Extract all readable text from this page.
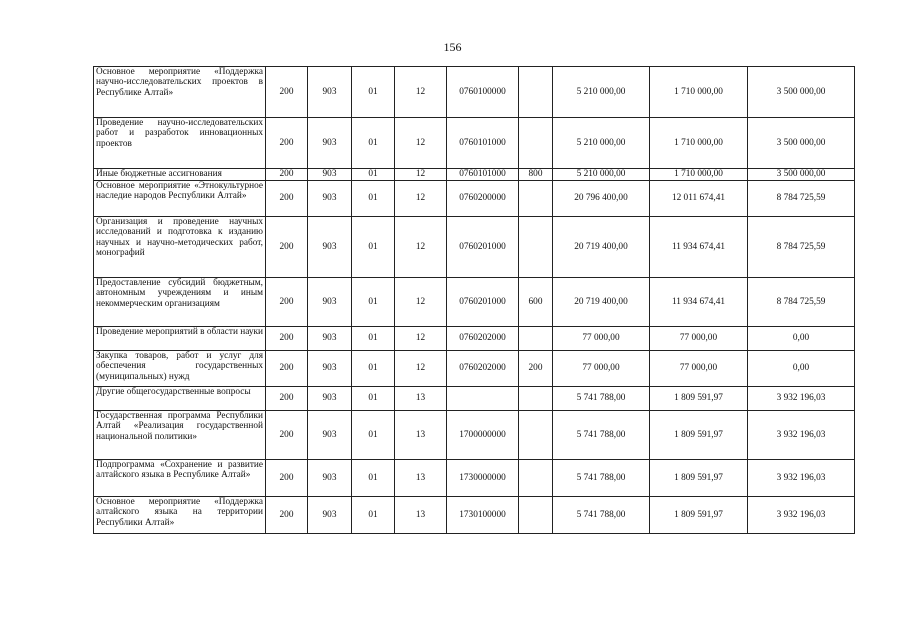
156
Основное мероприятие «Поддержка научно-исследовательских проектов в Республике Алтай»	200	903	01	12	0760100000		5 210 000,00	1 710 000,00	3 500 000,00
Проведение научно-исследовательских работ и разработок инновационных проектов	200	903	01	12	0760101000		5 210 000,00	1 710 000,00	3 500 000,00
Иные бюджетные ассигнования	200	903	01	12	0760101000	800	5 210 000,00	1 710 000,00	3 500 000,00
Основное мероприятие «Этнокультурное наследие народов Республики Алтай»	200	903	01	12	0760200000		20 796 400,00	12 011 674,41	8 784 725,59
Организация и проведение научных исследований и подготовка к изданию научных и научно-методических работ, монографий	200	903	01	12	0760201000		20 719 400,00	11 934 674,41	8 784 725,59
Предоставление субсидий бюджетным, автономным учреждениям и иным некоммерческим организациям	200	903	01	12	0760201000	600	20 719 400,00	11 934 674,41	8 784 725,59
Проведение мероприятий в области науки	200	903	01	12	0760202000		77 000,00	77 000,00	0,00
Закупка товаров, работ и услуг для обеспечения государственных (муниципальных) нужд	200	903	01	12	0760202000	200	77 000,00	77 000,00	0,00
Другие общегосударственные вопросы	200	903	01	13			5 741 788,00	1 809 591,97	3 932 196,03
Государственная программа Республики Алтай «Реализация государственной национальной политики»	200	903	01	13	1700000000		5 741 788,00	1 809 591,97	3 932 196,03
Подпрограмма «Сохранение и развитие алтайского языка в Республике Алтай»	200	903	01	13	1730000000		5 741 788,00	1 809 591,97	3 932 196,03
Основное мероприятие «Поддержка алтайского языка на территории Республики Алтай»	200	903	01	13	1730100000		5 741 788,00	1 809 591,97	3 932 196,03
